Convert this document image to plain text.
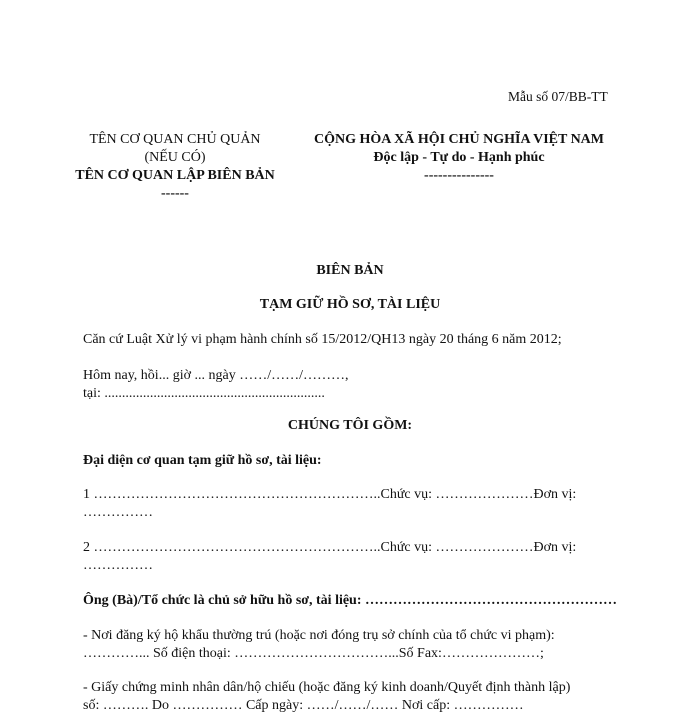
Mẫu số 07/BB-TT
TÊN CƠ QUAN CHỦ QUẢN
(NẾU CÓ)
TÊN CƠ QUAN LẬP BIÊN BẢN
------
CỘNG HÒA XÃ HỘI CHỦ NGHĨA VIỆT NAM
Độc lập - Tự do - Hạnh phúc
---------------
BIÊN BẢN
TẠM GIỮ HỒ SƠ, TÀI LIỆU
Căn cứ Luật Xử lý vi phạm hành chính số 15/2012/QH13 ngày 20 tháng 6 năm 2012;
Hôm nay, hồi... giờ ... ngày ……/……/………,
tại: ...............................................................
CHÚNG TÔI GỒM:
Đại diện cơ quan tạm giữ hồ sơ, tài liệu:
1 ……………………………………………………..Chức vụ: …………………Đơn vị:
……………
2 ……………………………………………………..Chức vụ: …………………Đơn vị:
……………
Ông (Bà)/Tổ chức là chủ sở hữu hồ sơ, tài liệu: ………………………………………………
- Nơi đăng ký hộ khẩu thường trú (hoặc nơi đóng trụ sở chính của tổ chức vi phạm):
…………... Số điện thoại: ……………………………...Số Fax:…………………;
- Giấy chứng minh nhân dân/hộ chiếu (hoặc đăng ký kinh doanh/Quyết định thành lập)
số: ………. Do …………… Cấp ngày: ……/……/…… Nơi cấp: ……………
